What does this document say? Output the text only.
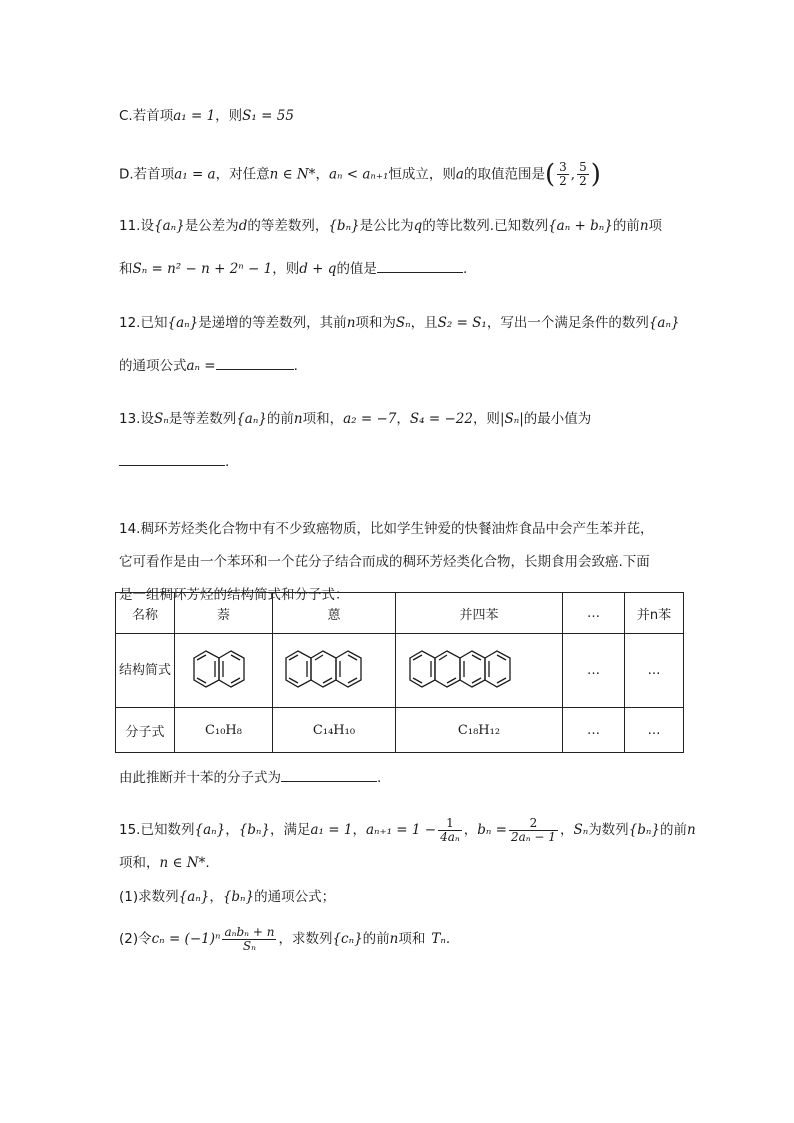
C.若首项a₁ = 1，则S₁ = 55
D.若首项a₁ = a，对任意n ∈ N*，aₙ < aₙ₊₁恒成立，则a的取值范围是( $\frac{3}{2}$ , $\frac{5}{2}$ )
11.设{aₙ}是公差为d的等差数列，{bₙ}是公比为q的等比数列.已知数列{aₙ + bₙ}的前n项
和Sₙ = n² − n + 2ⁿ − 1，则d + q的值是	.
12.已知{aₙ}是递增的等差数列，其前n项和为Sₙ，且S₂ = S₁，写出一个满足条件的数列{aₙ}
的通项公式aₙ =	.
13.设Sₙ是等差数列{aₙ}的前n项和，a₂ = −7，S₄ = −22，则|Sₙ|的最小值为
.
14.稠环芳烃类化合物中有不少致癌物质，比如学生钟爱的快餐油炸食品中会产生苯并芘，
它可看作是由一个苯环和一个芘分子结合而成的稠环芳烃类化合物，长期食用会致癌.下面
是一组稠环芳烃的结构简式和分子式：
名称	萘	蒽	并四苯	…	并n苯
结构简式				…	…
分子式	C₁₀H₈	C₁₄H₁₀	C₁₈H₁₂	…	…
由此推断并十苯的分子式为	.
15.已知数列{aₙ}，{bₙ}，满足a₁ = 1，$a_{n+1} = 1 - \frac{1}{\text{4aₙ}}$ ，$b_n = \frac{2}{\text{2aₙ − 1}}$ ，Sₙ为数列{bₙ}的前n
项和，n ∈ N*.
(1)求数列{aₙ}，{bₙ}的通项公式；
(2)令$c_n = (-1)^n \frac{\text{aₙbₙ + n}}{\text{Sₙ}}$ ，求数列{cₙ}的前n项和 Tₙ.
